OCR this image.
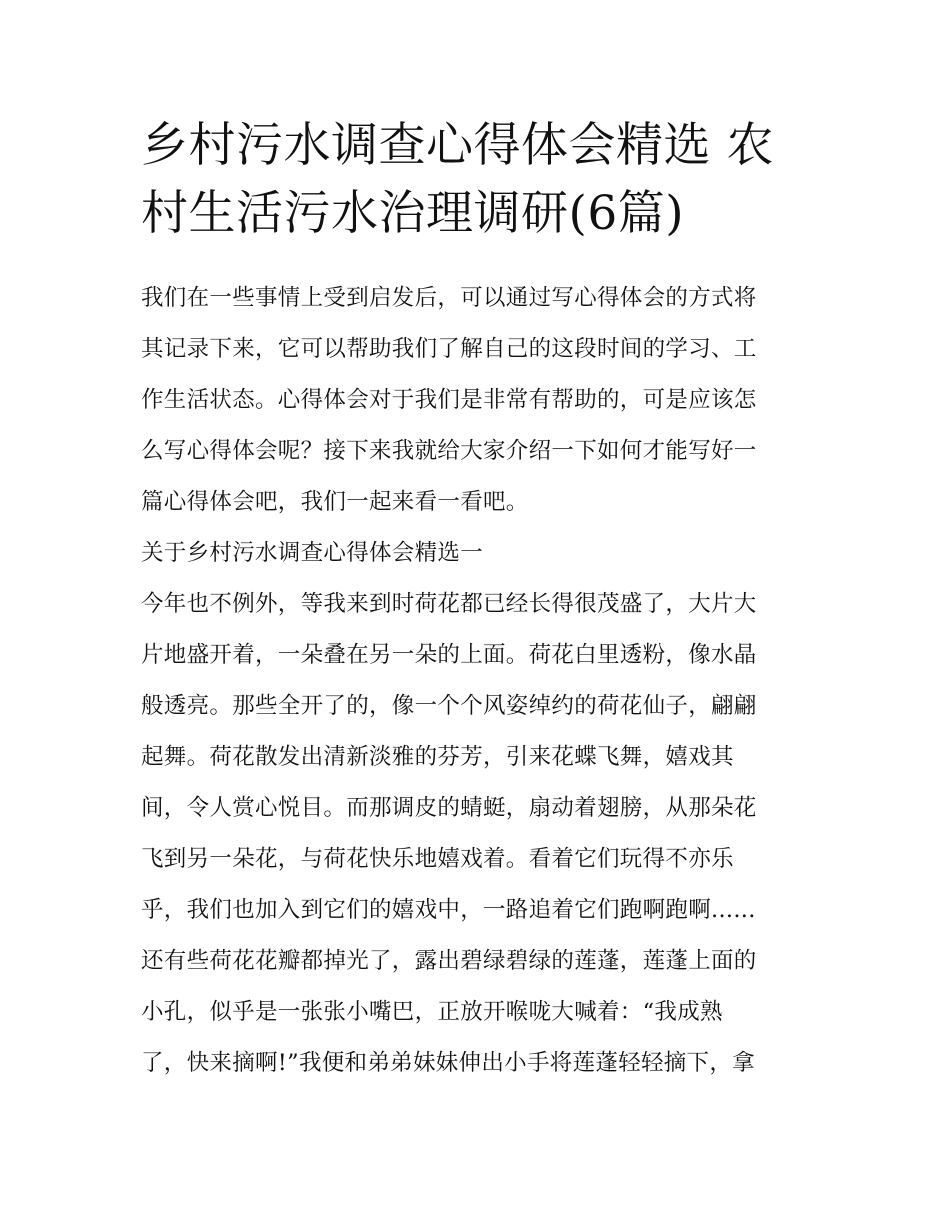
乡村污水调查心得体会精选 农
村生活污水治理调研(6篇)

我们在一些事情上受到启发后，可以通过写心得体会的方式将
其记录下来，它可以帮助我们了解自己的这段时间的学习、工
作生活状态。心得体会对于我们是非常有帮助的，可是应该怎
么写心得体会呢？接下来我就给大家介绍一下如何才能写好一
篇心得体会吧，我们一起来看一看吧。

关于乡村污水调查心得体会精选一

今年也不例外，等我来到时荷花都已经长得很茂盛了，大片大
片地盛开着，一朵叠在另一朵的上面。荷花白里透粉，像水晶
般透亮。那些全开了的，像一个个风姿绰约的荷花仙子，翩翩
起舞。荷花散发出清新淡雅的芬芳，引来花蝶飞舞，嬉戏其
间，令人赏心悦目。而那调皮的蜻蜓，扇动着翅膀，从那朵花
飞到另一朵花，与荷花快乐地嬉戏着。看着它们玩得不亦乐
乎，我们也加入到它们的嬉戏中，一路追着它们跑啊跑啊......
还有些荷花花瓣都掉光了，露出碧绿碧绿的莲蓬，莲蓬上面的
小孔，似乎是一张张小嘴巴，正放开喉咙大喊着：“我成熟
了，快来摘啊!”我便和弟弟妹妹伸出小手将莲蓬轻轻摘下，拿
